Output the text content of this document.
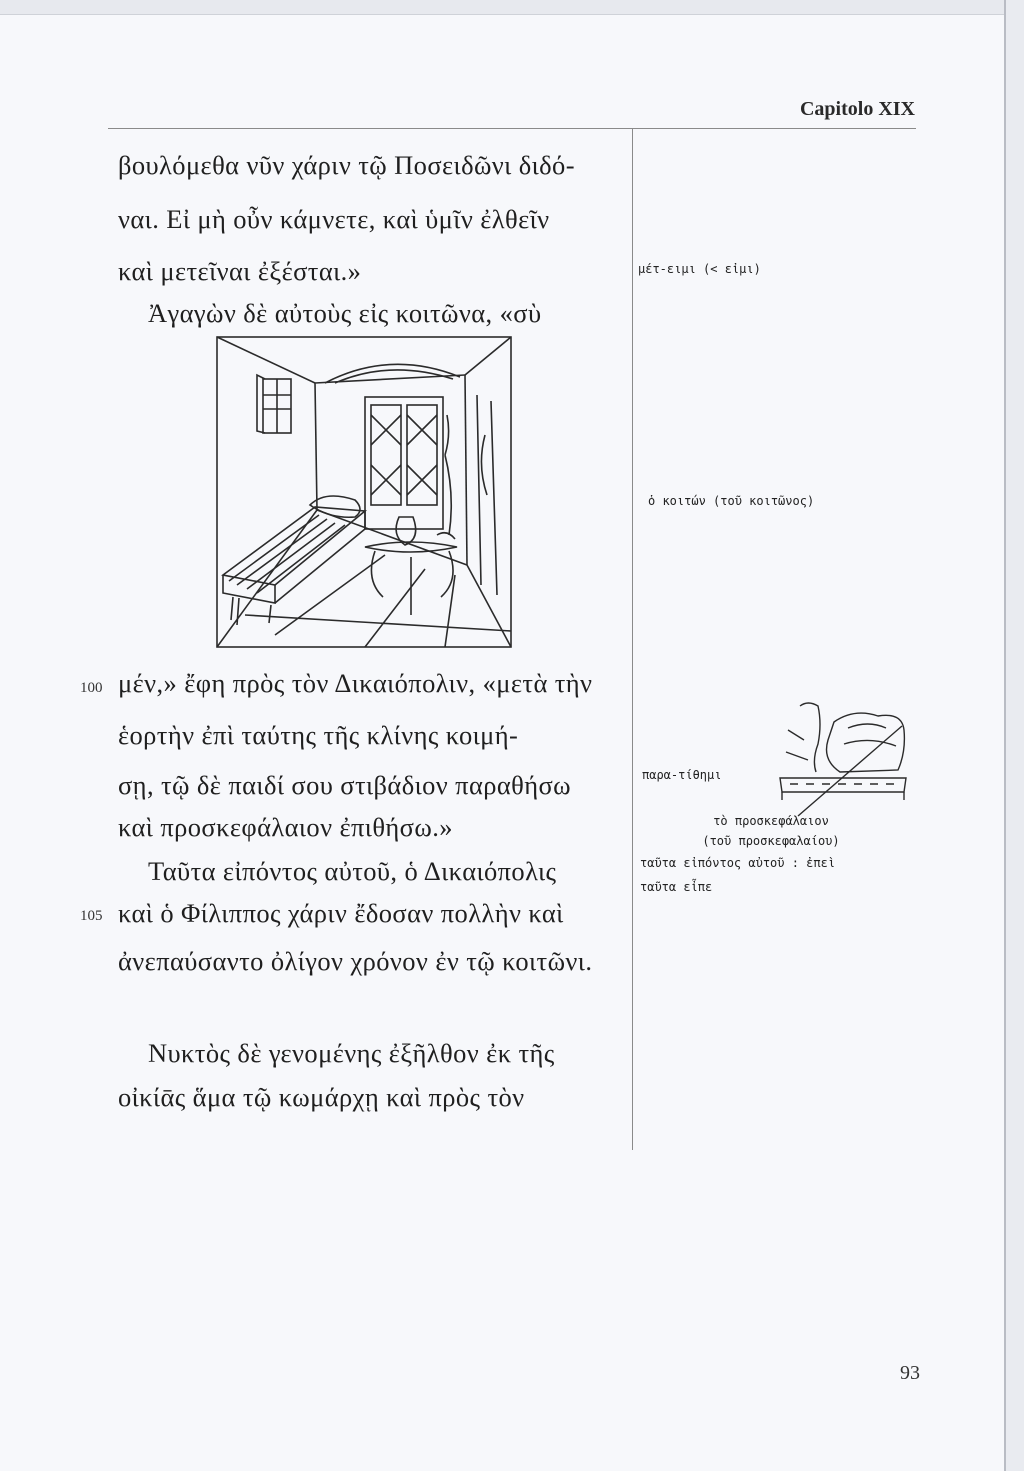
Capitolo XIX
βουλόμεθα νῦν χάριν τῷ Ποσειδῶνι διδό-
ναι. Εἰ μὴ οὖν κάμνετε, καὶ ὑμῖν ἐλθεῖν
καὶ μετεῖναι ἐξέσται.»
Ἀγαγὼν δὲ αὐτοὺς εἰς κοιτῶνα, «σὺ
100 μέν,» ἔφη πρὸς τὸν Δικαιόπολιν, «μετὰ τὴν
ἑορτὴν ἐπὶ ταύτης τῆς κλίνης κοιμή-
σῃ, τῷ δὲ παιδί σου στιβάδιον παραθήσω
καὶ προσκεφάλαιον ἐπιθήσω.»
Ταῦτα εἰπόντος αὐτοῦ, ὁ Δικαιόπολις
105 καὶ ὁ Φίλιππος χάριν ἔδοσαν πολλὴν καὶ
ἀνεπαύσαντο ὀλίγον χρόνον ἐν τῷ κοιτῶνι.
Νυκτὸς δὲ γενομένης ἐξῆλθον ἐκ τῆς
οἰκίᾱς ἅμα τῷ κωμάρχῃ καὶ πρὸς τὸν
μέτ-ειμι (< εἰμι)
ὁ κοιτών (τοῦ κοιτῶνος)
παρα-τίθημι
τὸ προσκεφάλαιον
(τοῦ προσκεφαλαίου)
ταῦτα εἰπόντος αὐτοῦ : ἐπεὶ
ταῦτα εἶπε
93
